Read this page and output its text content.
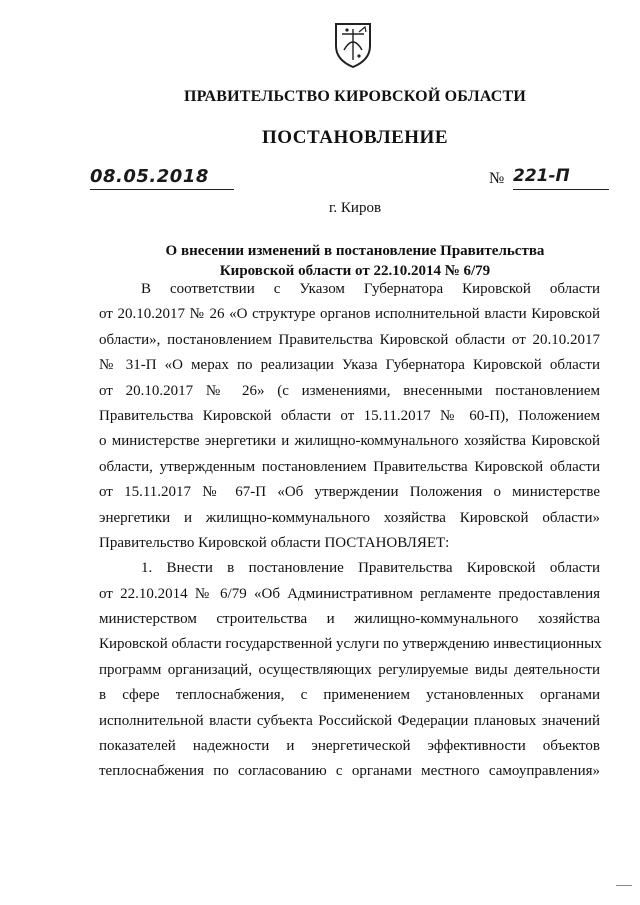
ПРАВИТЕЛЬСТВО КИРОВСКОЙ ОБЛАСТИ
ПОСТАНОВЛЕНИЕ
08.05.2018	№ 221-П
г. Киров
О внесении изменений в постановление Правительства
Кировской области от 22.10.2014 № 6/79
В соответствии с Указом Губернатора Кировской области
от 20.10.2017 № 26 «О структуре органов исполнительной власти Кировской
области», постановлением Правительства Кировской области от 20.10.2017
№ 31-П «О мерах по реализации Указа Губернатора Кировской области
от 20.10.2017 № 26» (с изменениями, внесенными постановлением
Правительства Кировской области от 15.11.2017 № 60-П), Положением
о министерстве энергетики и жилищно-коммунального хозяйства Кировской
области, утвержденным постановлением Правительства Кировской области
от 15.11.2017 № 67-П «Об утверждении Положения о министерстве
энергетики и жилищно-коммунального хозяйства Кировской области»
Правительство Кировской области ПОСТАНОВЛЯЕТ:
1. Внести в постановление Правительства Кировской области
от 22.10.2014 № 6/79 «Об Административном регламенте предоставления
министерством строительства и жилищно-коммунального хозяйства
Кировской области государственной услуги по утверждению инвестиционных
программ организаций, осуществляющих регулируемые виды деятельности
в сфере теплоснабжения, с применением установленных органами
исполнительной власти субъекта Российской Федерации плановых значений
показателей надежности и энергетической эффективности объектов
теплоснабжения по согласованию с органами местного самоуправления»
